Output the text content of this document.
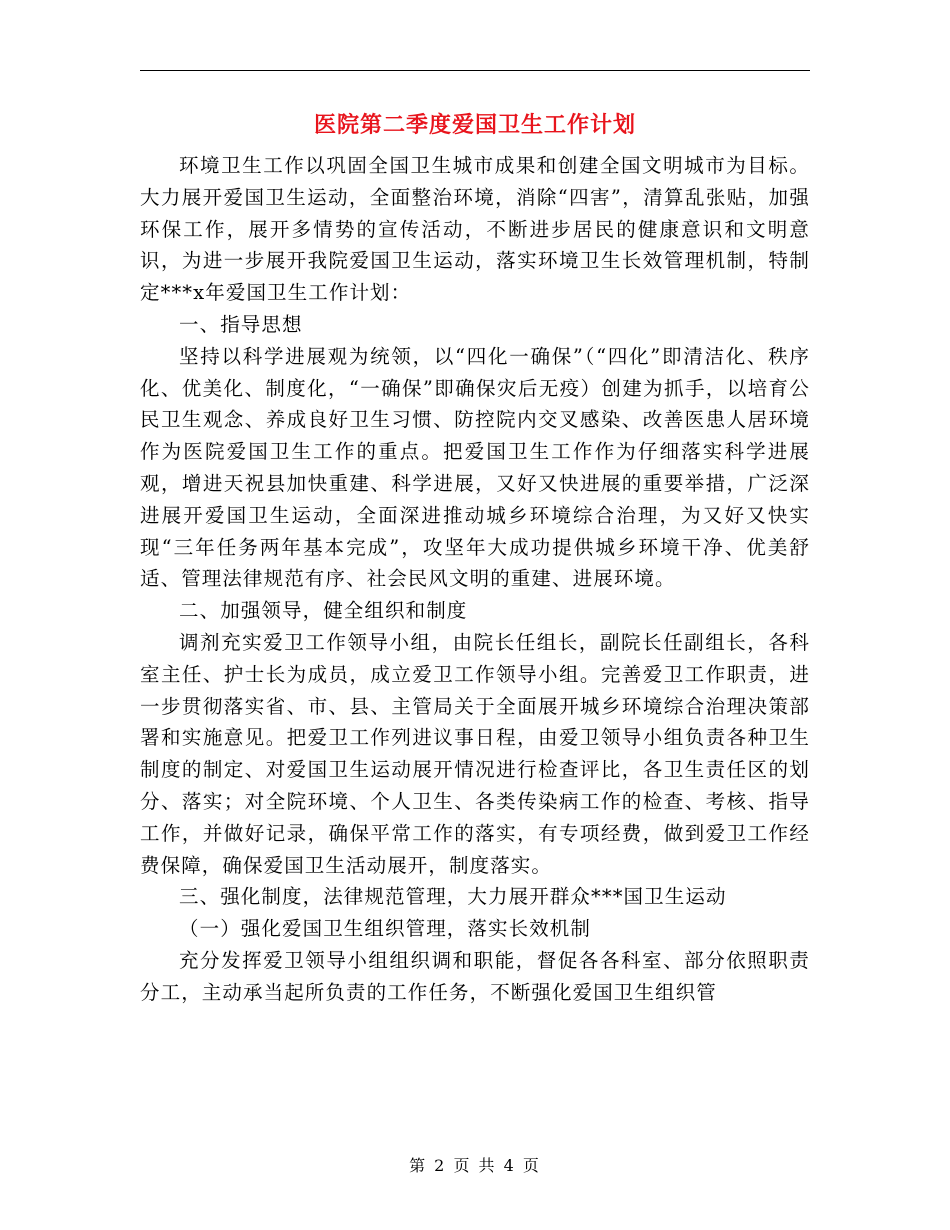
医院第二季度爱国卫生工作计划

环境卫生工作以巩固全国卫生城市成果和创建全国文明城市为目标。大力展开爱国卫生运动，全面整治环境，消除“四害”，清算乱张贴，加强环保工作，展开多情势的宣传活动，不断进步居民的健康意识和文明意识，为进一步展开我院爱国卫生运动，落实环境卫生长效管理机制，特制定***x年爱国卫生工作计划：

一、指导思想

坚持以科学进展观为统领，以“四化一确保”（“四化”即清洁化、秩序化、优美化、制度化，“一确保”即确保灾后无疫）创建为抓手，以培育公民卫生观念、养成良好卫生习惯、防控院内交叉感染、改善医患人居环境作为医院爱国卫生工作的重点。把爱国卫生工作作为仔细落实科学进展观，增进天祝县加快重建、科学进展，又好又快进展的重要举措，广泛深进展开爱国卫生运动，全面深进推动城乡环境综合治理，为又好又快实现“三年任务两年基本完成”，攻坚年大成功提供城乡环境干净、优美舒适、管理法律规范有序、社会民风文明的重建、进展环境。

二、加强领导，健全组织和制度

调剂充实爱卫工作领导小组，由院长任组长，副院长任副组长，各科室主任、护士长为成员，成立爱卫工作领导小组。完善爱卫工作职责，进一步贯彻落实省、市、县、主管局关于全面展开城乡环境综合治理决策部署和实施意见。把爱卫工作列进议事日程，由爱卫领导小组负责各种卫生制度的制定、对爱国卫生运动展开情况进行检查评比，各卫生责任区的划分、落实；对全院环境、个人卫生、各类传染病工作的检查、考核、指导工作，并做好记录，确保平常工作的落实，有专项经费，做到爱卫工作经费保障，确保爱国卫生活动展开，制度落实。

三、强化制度，法律规范管理，大力展开群众***国卫生运动

（一）强化爱国卫生组织管理，落实长效机制

充分发挥爱卫领导小组组织调和职能，督促各各科室、部分依照职责分工，主动承当起所负责的工作任务，不断强化爱国卫生组织管

第 2 页 共 4 页
